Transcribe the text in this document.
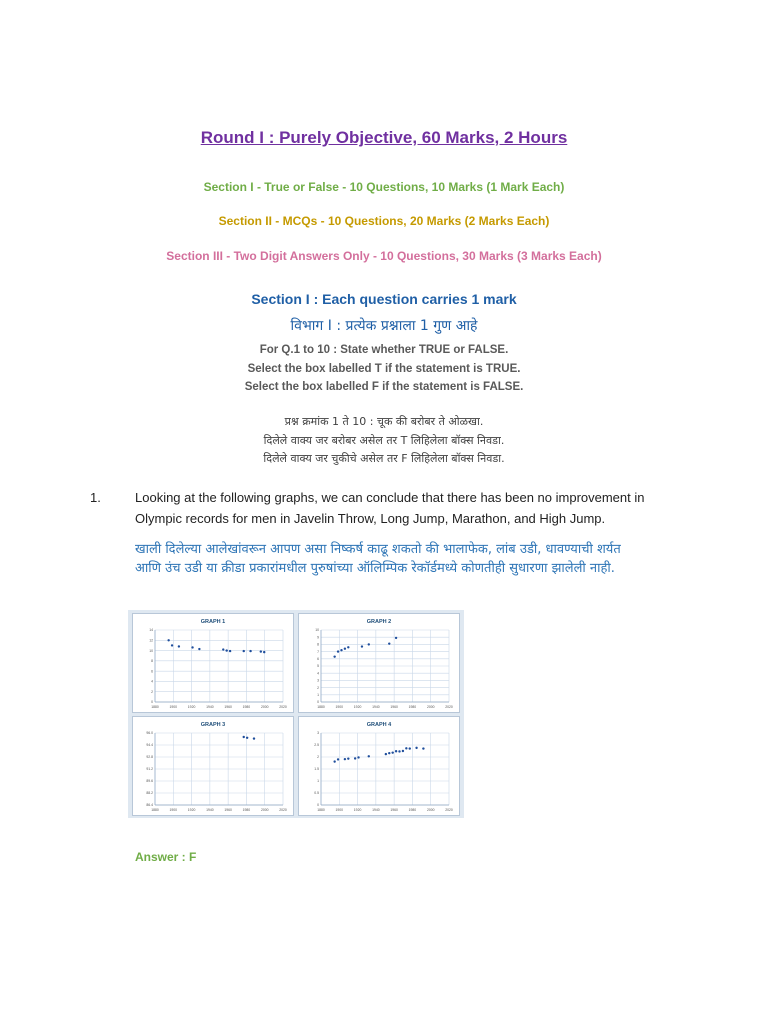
Round I : Purely Objective, 60 Marks, 2 Hours
Section I - True or False - 10 Questions, 10 Marks (1 Mark Each)
Section II - MCQs - 10 Questions, 20 Marks (2 Marks Each)
Section III - Two Digit Answers Only - 10 Questions, 30 Marks (3 Marks Each)
Section I : Each question carries 1 mark
विभाग I : प्रत्येक प्रश्नाला 1 गुण आहे
For Q.1 to 10 : State whether TRUE or FALSE.
Select the box labelled T if the statement is TRUE.
Select the box labelled F if the statement is FALSE.
प्रश्न क्रमांक 1 ते 10 : चूक की बरोबर ते ओळखा.
दिलेले वाक्य जर बरोबर असेल तर T लिहिलेला बॉक्स निवडा.
दिलेले वाक्य जर चुकीचे असेल तर F लिहिलेला बॉक्स निवडा.
1.	Looking at the following graphs, we can conclude that there has been no improvement in Olympic records for men in Javelin Throw, Long Jump, Marathon, and High Jump.
खाली दिलेल्या आलेखांवरून आपण असा निष्कर्ष काढू शकतो की भालाफेक, लांब उडी, धावण्याची शर्यत आणि उंच उडी या क्रीडा प्रकारांमधील पुरुषांच्या ऑलिम्पिक रेकॉर्डमध्ये कोणतीही सुधारणा झालेली नाही.
GRAPH 1
1880	1900	1920	1940	1960	1980	2000	2020
0
2
4
6
8
10
12
14
GRAPH 2
1880	1900	1920	1940	1960	1980	2000	2020
0
1
2
3
4
5
6
7
8
9
10
GRAPH 3
1880	1900	1920	1940	1960	1980	2000	2020
86.4
88.2
89.6
91.2
92.8
94.4
96.0
GRAPH 4
1880	1900	1920	1940	1960	1980	2000	2020
0
0.5
1
1.5
2
2.5
3
Answer : F
